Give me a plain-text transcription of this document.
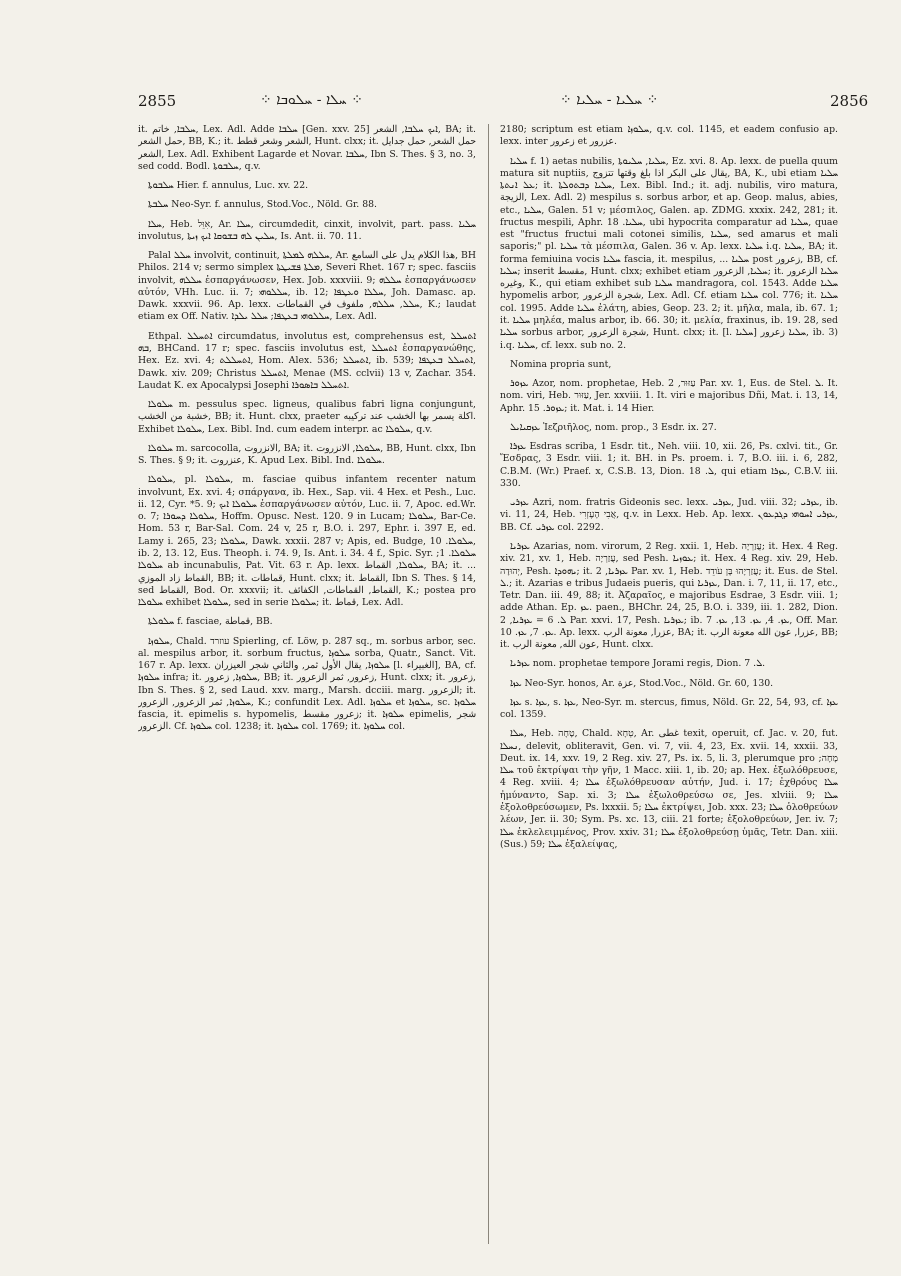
2855	⁘ ܚܠܐ - ܚܠܘܒܐ ⁘	⁘ ܚܠܝܐ - ܚܠܝܐ ⁘	2856

it. ܚܠܒܐ, خاتم, Lex. Adl. Adde ܚܠܒܐ [Gen. xxv. 25] ܐܝܟ ܚܠܒܐ, الشعر, BA; it. حمل الشعر, BB, K.; it. الشعر وشعر قطط, Hunt. clxx; it. حمل الشعر, حمل جدايل الشعر, Lex. Adl. Exhibent Lagarde et Novar. ܚܠܒܐ, Ibn S. Thes. § 3, no. 3, sed codd. Bodl. ܚܠܒܘܬܐ, q.v.

ܚܠܒܘܬܐ Hier. f. annulus, Luc. xv. 22.

ܚܠܒܬܐ Neo-Syr. f. annulus, Stod.Voc., Nöld. Gr. 88.

ܚܠܐ, Heb. אִוֵּל, Ar. ܚܠܐ, circumdedit, cinxit, involvit, part. pass. ܚܠܝܐ involutus, ܚܠܝܢ ܠܗ ܒܫܘܩܐ ܐܝܟ ܙܝܬܐ, Is. Ant. ii. 70. 11.

Palal ܚܠܠ involvit, continuit, ܚܠܠܗ ܠܡܠܬܐ, Ar. هذا الكلام يدل على السامع, BH Philos. 214 v; sermo simplex ܡܠܬܐ ܦܫܝܛܬܐ, Severi Rhet. 167 r; spec. fasciis involvit, ܚܠܠܗ ἐσπαργάνωσεν, Hex. Job. xxxviii. 9; ܚܠܠܗ ἐσπαργάνωσεν αὐτόν, VHh. Luc. ii. 7; ܚܠܠܘܗܝ, ib. 12; ܚܠܠܐ ܘܥܛܦܐ, Joh. Damasc. ap. Dawk. xxxvii. 96. Ap. lexx. ܚܠܠ, ܚܠܠܗ, ملفوف في القماطات, K.; laudat etiam ex Off. Nativ. ܚܠܠܘܗܝ ܒܥܛܦܐ; ܚܠܠ ܝܠܕܐ, Lex. Adl.

Ethpal. ܐܬܚܠܠ circumdatus, involutus est, comprehensus est, ܐܬܚܠܠ ܒܗ, BHCand. 17 r; spec. fasciis involutus est, ܐܬܚܠܠ ἐσπαργανώθης, Hex. Ez. xvi. 4; ܐܬܚܠܠܬ, Hom. Alex. 536; ܐܬܚܠܠ, ib. 539; ܐܬܚܠܠ ܒܥܛܦܐ, Dawk. xiv. 209; Christus ܐܬܚܠܠ, Menae (MS. cclvii) 13 v, Zachar. 354. Laudat K. ex Apocalypsi Josephi ܐܬܚܠܠ ܒܐܣܘܪܐ.

ܚܠܘܠܐ m. pessulus spec. ligneus, qualibus fabri ligna conjungunt, خشبة من الخشب, BB; it. Hunt. clxx, praeter اكلة يسمر بها الخشب عند تركيبه. Exhibet ܚܠܘܠܐ, Lex. Bibl. Ind. cum eadem interpr. ac ܚܠܘܠܐ, q.v.

ܚܠܘܠܐ m. sarcocolla, الانزروت, BA; it. ܚܠܘܠܐ, الانزروت, BB, Hunt. clxx, Ibn S. Thes. § 9; it. عنزروت, K. Apud Lex. Bibl. Ind. ܚܠܘܠܐ.

ܚܠܘܠܐ, pl. ܚܠܘܠܐ, m. fasciae quibus infantem recenter natum involvunt, Ex. xvi. 4; σπάργανα, ib. Hex., Sap. vii. 4 Hex. et Pesh., Luc. ii. 12, Cyr. *5. 9; ܚܠܘܠܐ ܐܝܟ ἐσπαργάνωσεν αὐτόν, Luc. ii. 7, Apoc. ed.Wr. o. 7; ܚܠܘܠܐ ܕܚܘܪܐ, Hoffm. Opusc. Nest. 120. 9 in Lucam; ܚܠܘܠܐ, Bar-Ce. Hom. 53 r, Bar-Sal. Com. 24 v, 25 r, B.O. i. 297, Ephr. i. 397 E, ed. Lamy i. 265, 23; ܚܠܘܠܐ, Dawk. xxxii. 287 v; Apis, ed. Budge, ܚܠܘܠܐ. 10, ib. 2, 13. 12, Eus. Theoph. i. 74. 9, Is. Ant. i. 34. 4 f., Spic. Syr. ܚܠܘܠܐ. 1; ܚܠܘܠܐ ab incunabulis, Pat. Vit. 63 r. Ap. lexx. ܚܠܘܠܐ, القماط, BA; it. ... القماط زاد الموزي, BB; it. قماطات, Hunt. clxx; it. القماط, Ibn S. Thes. § 14, sed القماط, Bod. Or. xxxvii; it. القماط, القماطات, الكفائف, K.; postea pro ܚܠܘܠܐ exhibet ܚܠܘܠܐ, sed in serie ܚܠܘܠܐ; it. قماط, Lex. Adl.

ܚܠܘܠܬܐ f. fasciae, قماطة, BB.

ܚܠܘܙܐ, Chald. עוזרד Spierling, cf. Löw, p. 287 sq., m. sorbus arbor, sec. al. mespilus arbor, it. sorbum fructus, ܚܠܘܙܐ sorba, Quatr., Sanct. Vit. 167 r. Ap. lexx. ܚܠܘܙܐ, يقال الأول ثمر, والثاني شجر العيزران [l. الغبيراء], BA, cf. ܚܠܘܙܐ infra; it. ܚܠܘܙܐ, زعرور, BB; it. زعرور, ثمر الزعرور, Hunt. clxx; it. زعرور, Ibn S. Thes. § 2, sed Laud. xxv. marg., Marsh. dcciii. marg. الزعرور; it. ܚܠܘܙܐ, ثمر الزعرور, الزعرور, K.; confundit Lex. Adl. ܚܠܘܙܐ et ܚܠܘܙܐ, sc. ܚܠܘܙܐ fascia, it. epimelis s. hypomelis, زعرور مقسط; it. ܚܠܘܙܐ epimelis, شجر الزعرور. Cf. ܚܠܘܙܐ col. 1238; it. ܚܠܘܙܐ col. 1769; it. ܚܠܘܙܐ col.

2180; scriptum est etiam ܚܠܘܙܐ, q.v. col. 1145, et eadem confusio ap. lexx. inter زعرور et عزرور.

ܚܠܝܐ f. 1) aetas nubilis, ܚܠܝܐ, ܚܠܝܘܬܐ, Ez. xvi. 8. Ap. lexx. de puella quum matura sit nuptiis, يقال على البكر اذا بلغ وقتها تتزوج, BA, K., ubi etiam ܚܠܝܐ ܥܠ ܐܢܬܬܐ; it. ܚܠܝܐ ܕܒܬܘܠܬܐ, Lex. Bibl. Ind.; it. adj. nubilis, viro matura, الزيجة, Lex. Adl. 2) mespilus s. sorbus arbor, et ap. Geop. malus, abies, etc., ܚܠܝܐ, Galen. 51 v; μέσπιλος, Galen. ap. ZDMG. xxxix. 242, 281; it. fructus mespili, Aphr. ܚܠܝܐ. 18, ubi hypocrita comparatur ad ܚܠܝܐ, quae est "fructus fructui mali cotonei similis, ܚܠܝܐ, sed amarus et mali saporis;" pl. ܚܠܝܐ τὰ μέσπιλα, Galen. 36 v. Ap. lexx. ܚܠܝܐ i.q. ܚܠܝܐ, BA; it. forma femiuina vocis ܚܠܝܐ fascia, it. mespilus, ... ܚܠܝܐ post زعرور, BB, cf. ܚܠܝܐ; inserit مقسط, Hunt. clxx; exhibet etiam ܚܠܝܐ, الزعرور; it. ܚܠܝܐ الزعرور وغيره, K., qui etiam exhibet sub ܚܠܝܐ mandragora, col. 1543. Adde ܚܠܝܐ hypomelis arbor, شجرة الزعرور, Lex. Adl. Cf. etiam ܚܠܝܐ col. 776; it. ܚܠܝܐ col. 1995. Adde ܚܠܝܐ ἐλάτη, abies, Geop. 23. 2; it. μῆλα, mala, ib. 67. 1; it. ܚܠܝܐ μηλέα, malus arbor, ib. 66. 30; it. μελία, fraxinus, ib. 19. 28, sed ܚܠܝܐ sorbus arbor, شجرة الزعرور, Hunt. clxx; it. [l. ܚܠܝܐ] ܚܠܝܐ زعرور, ib. 3) i.q. ܚܠܝܐ, cf. lexx. sub no. 2.

Nomina propria sunt,

ܥܙܘܪ Azor, nom. prophetae, Heb. עַזּוּר, 2 Par. xv. 1, Eus. de Stel. ܠ. It. nom. viri, Heb. עַזּוּר, Jer. xxviii. 1. It. viri e majoribus Dñi, Mat. i. 13, 14, Aphr. ܥܙܘܪ. 15; it. Mat. i. 14 Hier.

ܥܙܩܝܐܝܠ Ἰεζριῆλος, nom. prop., 3 Esdr. ix. 27.

ܥܙܪܐ Esdras scriba, 1 Esdr. tit., Neh. viii. 10, xii. 26, Ps. cxlvi. tit., Gr. Ἔσδρας, 3 Esdr. viii. 1; it. BH. in Ps. proem. i. 7, B.O. iii. i. 6, 282, C.B.M. (Wr.) Praef. x, C.S.B. 13, Dion. ܠ. 18, qui etiam ܥܙܪܐ, C.B.V. iii. 330.

ܥܙܪܝ Azri, nom. fratris Gideonis sec. lexx. ܥܙܪܝ, Jud. viii. 32; ܥܙܪܝ, ib. vi. 11, 24, Heb. אֲבִי הָעֶזְרִי, q.v. in Lexx. Heb. Ap. lexx. ܥܙܪܝ ܐܚܘܗܝ ܕܓܕܥܘܢ, BB. Cf. ܥܙܪܝ col. 2292.

ܥܙܪܝܐ Azarias, nom. virorum, 2 Reg. xxii. 1, Heb. עֲזַרְיָה; it. Hex. 4 Reg. xiv. 21, xv. 1, Heb. עֲזַרְיָה, sed Pesh. ܥܘܙܝܐ; it. Hex. 4 Reg. xiv. 29, Heb. יְהוּדָה, Pesh. ܝܗܘܕܐ; it. ܥܙܪܝܐ, 2 Par. xv. 1, Heb. עֲזַרְיָהוּ בֶּן עֹודֵד; it. Eus. de Stel. ܠ.; it. Azarias e tribus Judaeis pueris, qui ܥܙܪܝܐ, Dan. i. 7, 11, ii. 17, etc., Tetr. Dan. iii. 49, 88; it. Ἀζαραῖος, e majoribus Esdrae, 3 Esdr. viii. 1; adde Athan. Ep. ܥܙ. paen., BHChr. 24, 25, B.O. i. 339, iii. 1. 282, Dion. ܠ. 6 = ܥܙܪܝܐ, 2 Par. xxvi. 17, Pesh. ܥܙܪܝܐ; ib. ܥܙ. 4, ܥܙ. 13, ܥܙ. 7, Off. Mar. ܥܙ. 7, ܥܙ. 10. Ap. lexx. عزرا, معونة الرب, BA; it. عزرا, عون الله معونة الرب, BB; it. عون الله, معونة الرب, Hunt. clxx.

ܥܙܪܝܐ nom. prophetae tempore Jorami regis, Dion. ܠ. 7.

ܥܙܐ Neo-Syr. honos, Ar. عزة, Stod.Voc., Nöld. Gr. 60, 130.

ܥܙܐ s. ܥܙܐ, s. ܥܙܐ, Neo-Syr. m. stercus, fimus, Nöld. Gr. 22, 54, 93, cf. ܥܙܐ col. 1359.

ܚܠܐ, Heb. טָחָה, Chald. טְחָא, Ar. غطى texit, operuit, cf. Jac. v. 20, fut. ܢܚܠܐ, delevit, obliteravit, Gen. vi. 7, vii. 4, 23, Ex. xvii. 14, xxxii. 33, Deut. ix. 14, xxv. 19, 2 Reg. xiv. 27, Ps. ix. 5, li. 3, plerumque pro מָחָה; ܚܠܐ τοῦ ἐκτρίψαι τὴν γῆν, 1 Macc. xiii. 1, ib. 20; ap. Hex. ἐξωλόθρευσε, 4 Reg. xviii. 4; ܚܠܐ ἐξωλόθρευσαν αὐτήν, Jud. i. 17; ἐχθρόυς ܚܠܐ ἠμύναντο, Sap. xi. 3; ܚܠܐ ἐξωλοθρεύσω σε, Jes. xlviii. 9; ܚܠܐ ἐξολοθρεύσωμεν, Ps. lxxxii. 5; ܚܠܐ ἐκτρίψει, Job. xxx. 23; ܚܠܐ ὁλοθρεύων λέων, Jer. ii. 30; Sym. Ps. xc. 13, ciii. 21 forte; ἐξολοθρεύων, Jer. iv. 7; ܚܠܐ ἐκλελειμμένος, Prov. xxiv. 31; ܚܠܐ ἐξολοθρεύσῃ ὑμᾶς, Tetr. Dan. xiii. (Sus.) 59; ܚܠܐ ἐξαλείψας,
